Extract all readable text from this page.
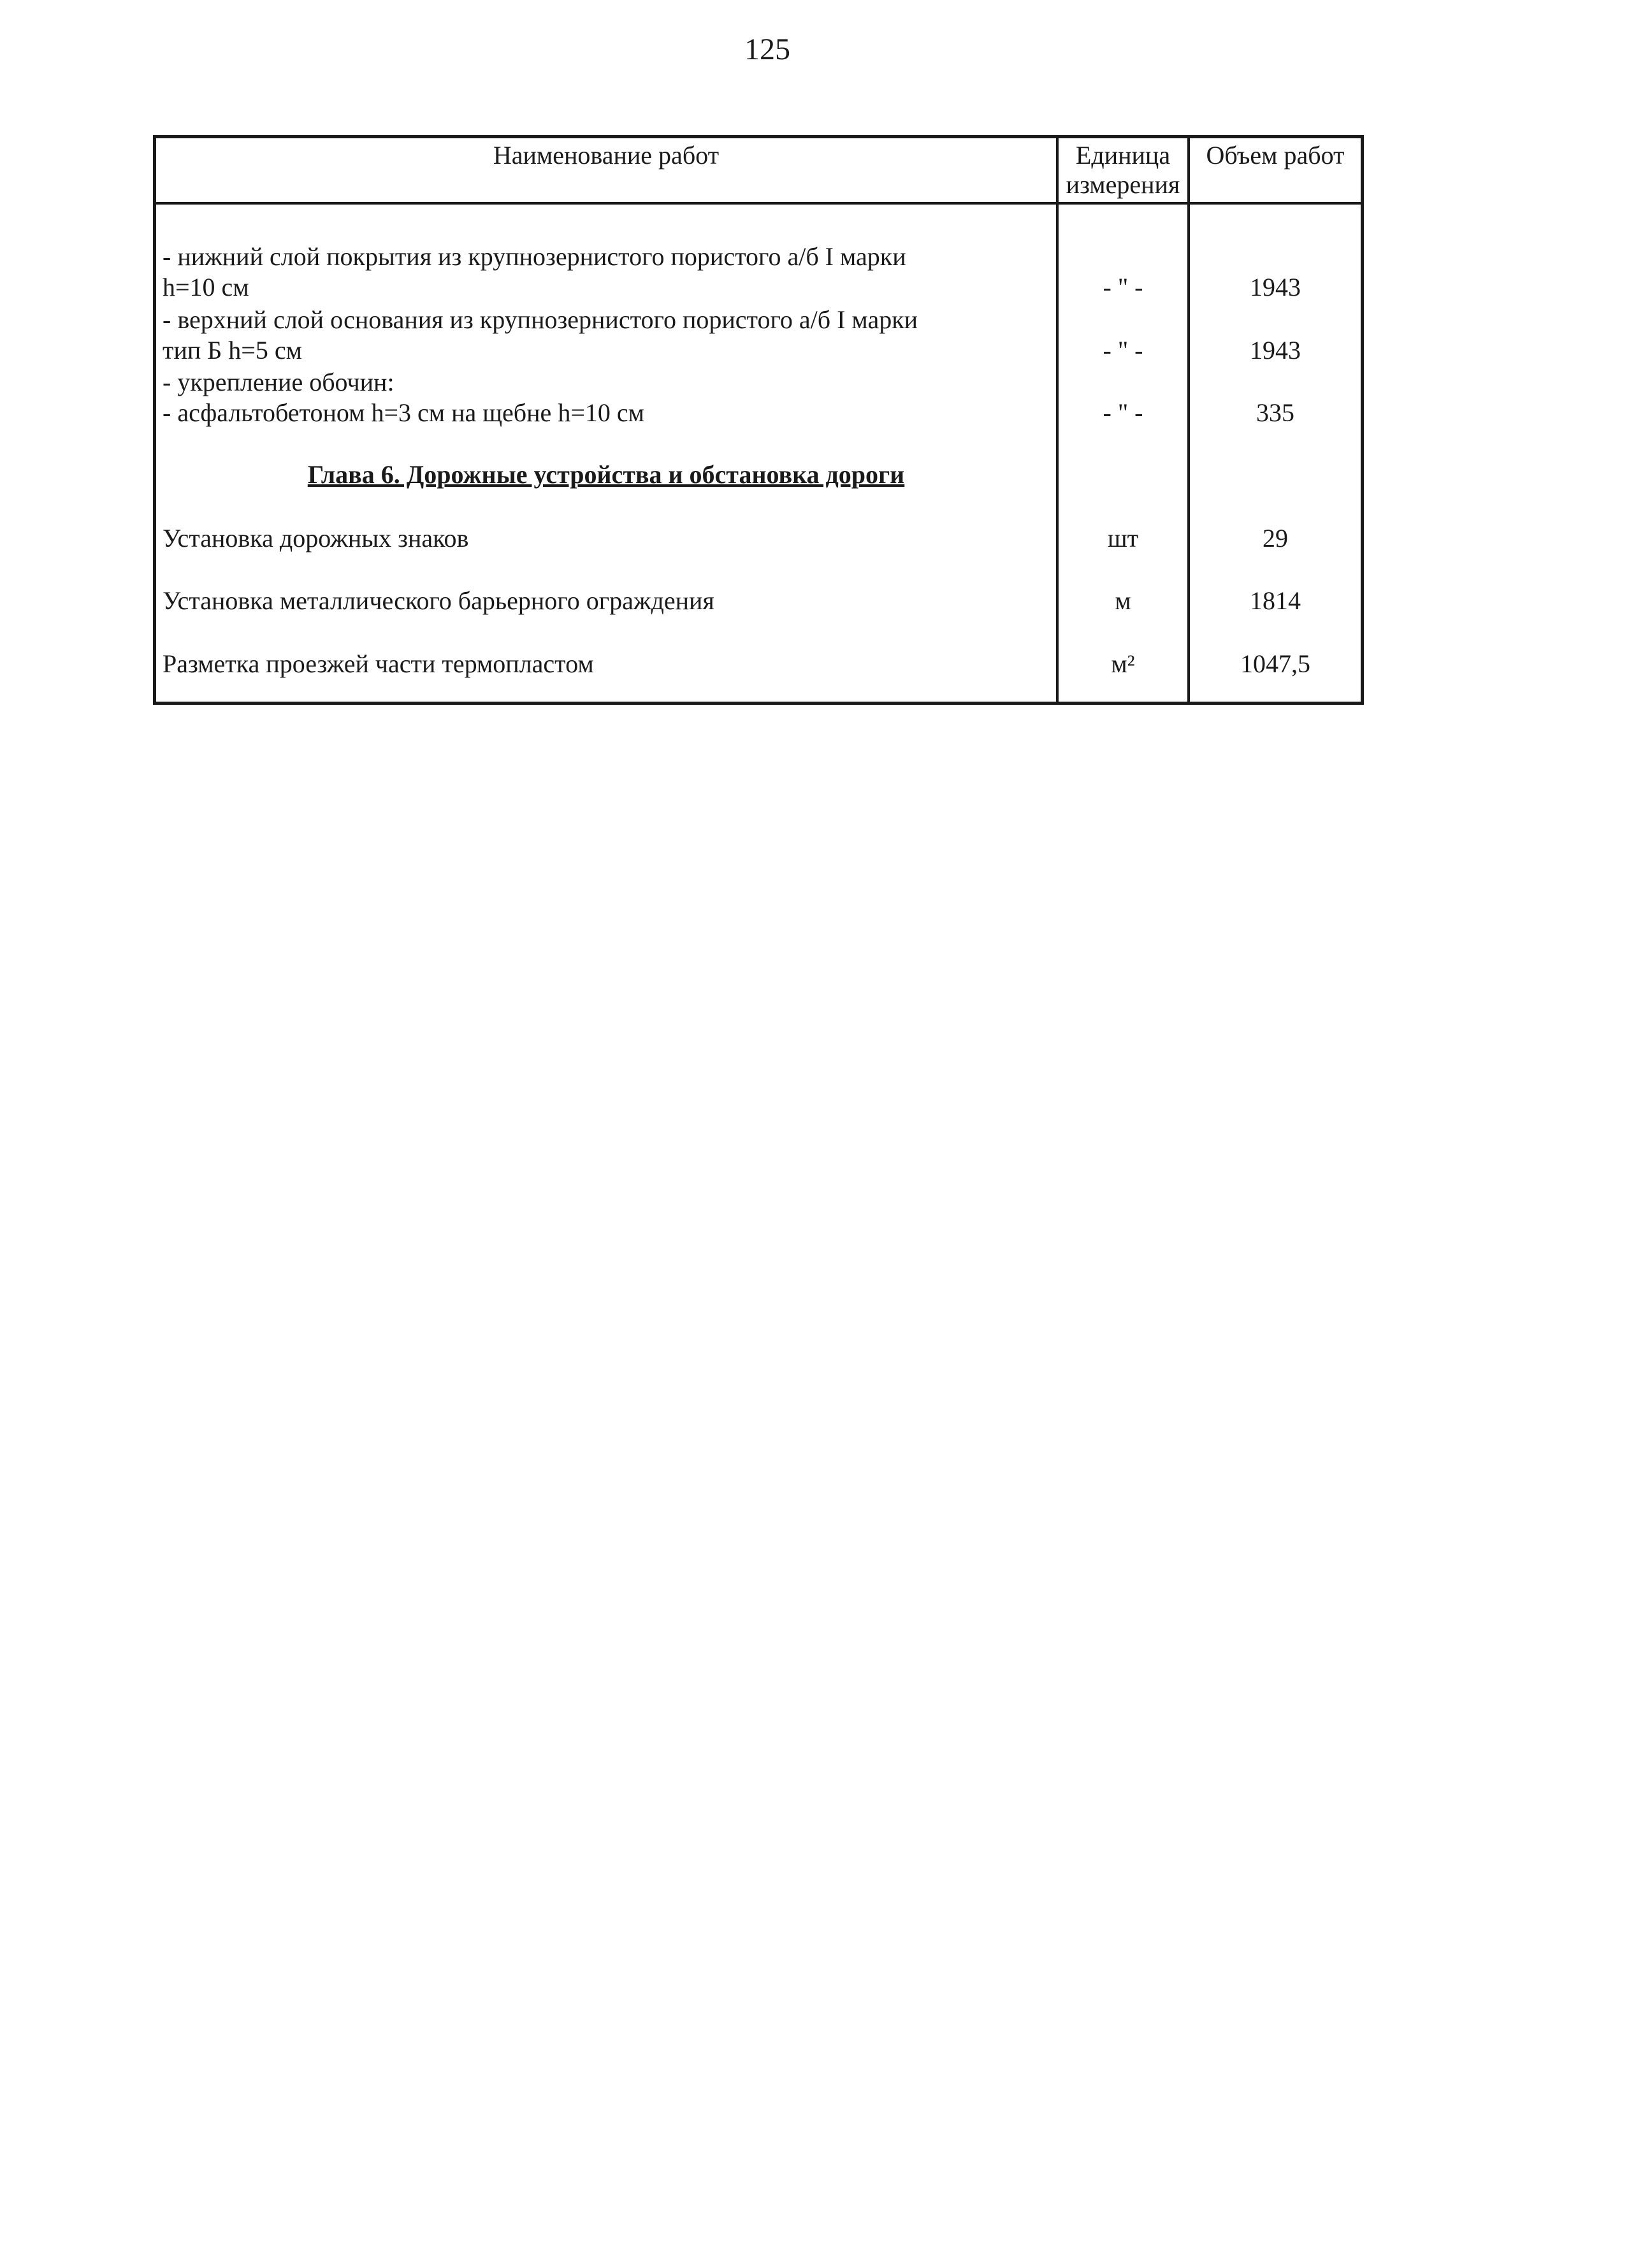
125
Наименование работ	Единица
измерения
Объем работ
- нижний слой покрытия из крупнозернистого пористого а/б I марки
h=10 см
- верхний слой основания из крупнозернистого пористого а/б I марки
тип Б h=5 см
- укрепление обочин:
- асфальтобетоном h=3 см на щебне h=10 см
Глава 6. Дорожные устройства и обстановка дороги
Установка дорожных знаков
Установка металлического барьерного ограждения
Разметка проезжей части термопластом
- " -
- " -
- " -
шт
м
м²
1943
1943
335
29
1814
1047,5
